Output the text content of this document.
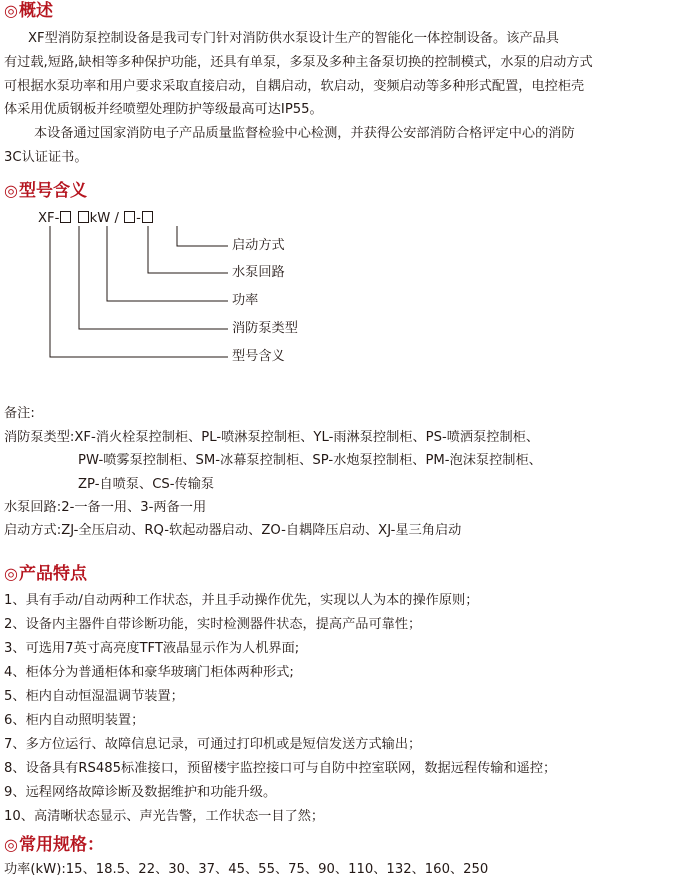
◎概述

XF型消防泵控制设备是我司专门针对消防供水泵设计生产的智能化一体控制设备。该产品具
有过载,短路,缺相等多种保护功能，还具有单泵，多泵及多种主备泵切换的控制模式，水泵的启动方式
可根据水泵功率和用户要求采取直接启动，自耦启动，软启动，变频启动等多种形式配置，电控柜壳
体采用优质钢板并经喷塑处理防护等级最高可达IP55。
本设备通过国家消防电子产品质量监督检验中心检测，并获得公安部消防合格评定中心的消防
3C认证证书。

◎型号含义
XF- kW / -
启动方式
水泵回路
功率
消防泵类型
型号含义
备注:
消防泵类型:XF-消火栓泵控制柜、PL-喷淋泵控制柜、YL-雨淋泵控制柜、PS-喷洒泵控制柜、
PW-喷雾泵控制柜、SM-冰幕泵控制柜、SP-水炮泵控制柜、PM-泡沫泵控制柜、
ZP-自喷泵、CS-传输泵
水泵回路:2-一备一用、3-两备一用
启动方式:ZJ-全压启动、RQ-软起动器启动、ZO-自耦降压启动、XJ-星三角启动
◎产品特点
1、具有手动/自动两种工作状态，并且手动操作优先，实现以人为本的操作原则；
2、设备内主器件自带诊断功能，实时检测器件状态，提高产品可靠性；
3、可选用7英寸高亮度TFT液晶显示作为人机界面;
4、柜体分为普通柜体和豪华玻璃门柜体两种形式;
5、柜内自动恒湿温调节装置；
6、柜内自动照明装置；
7、多方位运行、故障信息记录，可通过打印机或是短信发送方式输出；
8、设备具有RS485标准接口，预留楼宇监控接口可与自防中控室联网，数据远程传输和遥控；
9、远程网络故障诊断及数据维护和功能升级。
10、高清晰状态显示、声光告警，工作状态一目了然；
◎常用规格：
功率(kW):15、18.5、22、30、37、45、55、75、90、110、132、160、250
